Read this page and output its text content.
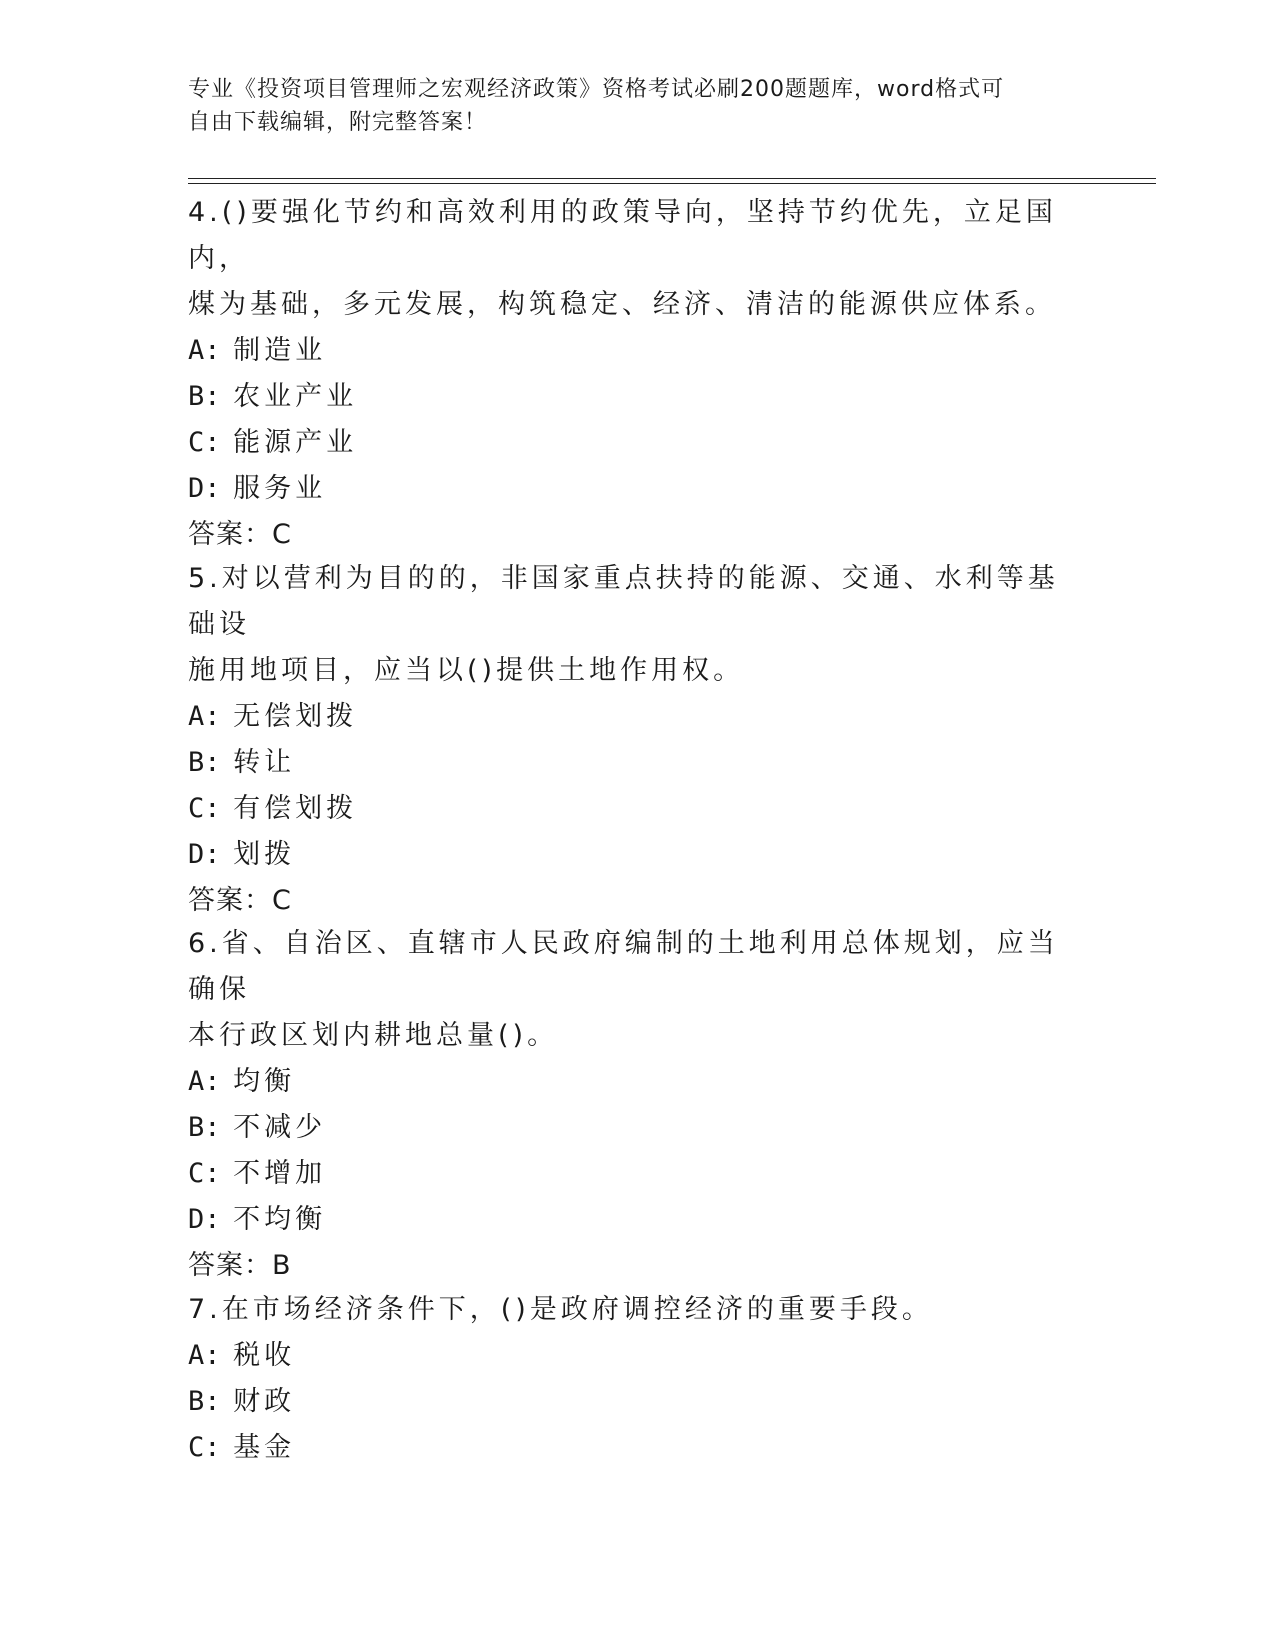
专业《投资项目管理师之宏观经济政策》资格考试必刷200题题库，word格式可
自由下载编辑，附完整答案！

4.()要强化节约和高效利用的政策导向，坚持节约优先，立足国内，

煤为基础，多元发展，构筑稳定、经济、清洁的能源供应体系。

A: 制造业

B: 农业产业

C: 能源产业

D: 服务业

答案：C

5.对以营利为目的的，非国家重点扶持的能源、交通、水利等基础设

施用地项目，应当以()提供土地作用权。

A: 无偿划拨

B: 转让

C: 有偿划拨

D: 划拨

答案：C

6.省、自治区、直辖市人民政府编制的土地利用总体规划，应当确保

本行政区划内耕地总量()。

A: 均衡

B: 不减少

C: 不增加

D: 不均衡

答案：B

7.在市场经济条件下，()是政府调控经济的重要手段。

A: 税收

B: 财政

C: 基金
